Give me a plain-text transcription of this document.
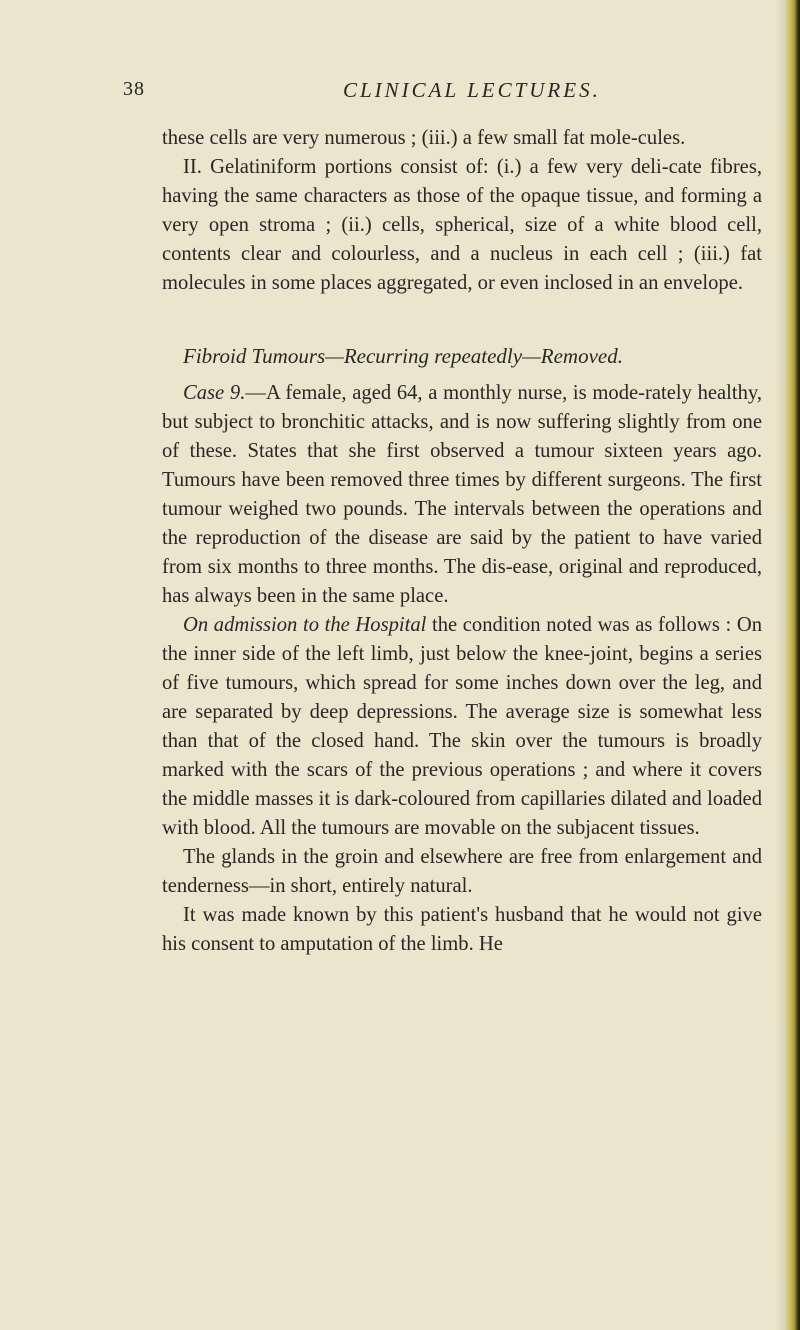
38	CLINICAL LECTURES.

these cells are very numerous ; (iii.) a few small fat mole-cules.

II. Gelatiniform portions consist of: (i.) a few very deli-cate fibres, having the same characters as those of the opaque tissue, and forming a very open stroma ; (ii.) cells, spherical, size of a white blood cell, contents clear and colourless, and a nucleus in each cell ; (iii.) fat molecules in some places aggregated, or even inclosed in an envelope.

Fibroid Tumours—Recurring repeatedly—Removed.

Case 9.—A female, aged 64, a monthly nurse, is mode-rately healthy, but subject to bronchitic attacks, and is now suffering slightly from one of these. States that she first observed a tumour sixteen years ago. Tumours have been removed three times by different surgeons. The first tumour weighed two pounds. The intervals between the operations and the reproduction of the disease are said by the patient to have varied from six months to three months. The dis-ease, original and reproduced, has always been in the same place.

On admission to the Hospital the condition noted was as follows : On the inner side of the left limb, just below the knee-joint, begins a series of five tumours, which spread for some inches down over the leg, and are separated by deep depressions. The average size is somewhat less than that of the closed hand. The skin over the tumours is broadly marked with the scars of the previous operations ; and where it covers the middle masses it is dark-coloured from capillaries dilated and loaded with blood. All the tumours are movable on the subjacent tissues.

The glands in the groin and elsewhere are free from enlargement and tenderness—in short, entirely natural.

It was made known by this patient's husband that he would not give his consent to amputation of the limb. He
